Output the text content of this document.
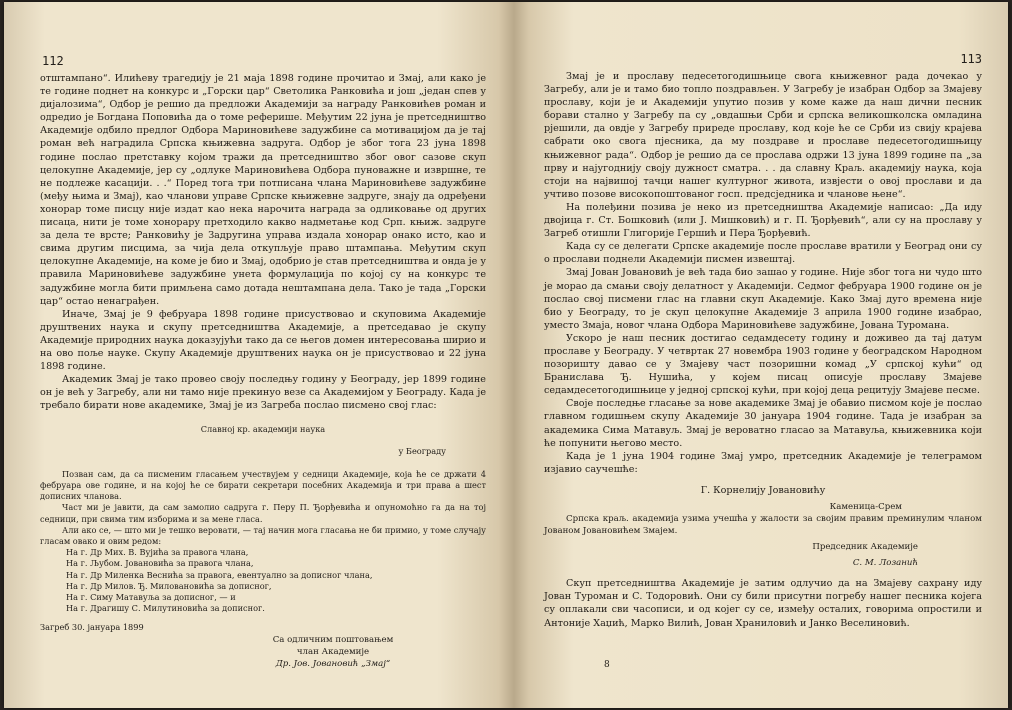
112

отштампано“. Илићеву трагедију је 21 маја 1898 године прочитао и Змај, али како је те године поднет на конкурс и „Горски цар“ Светолика Ранковића и још „један спев у дијалозима“, Одбор је решио да предложи Академији за награду Ранковићев роман и одредио је Богдана Поповића да о томе реферише. Међутим 22 јуна је претседништво Академије одбило предлог Одбора Мариновићеве задужбине са мотивацијом да је тај роман већ наградила Српска књижевна задруга. Одбор је због тога 23 јуна 1898 године послао претставку којом тражи да претседништво због овог сазове скуп целокупне Академије, јер су „одлуке Мариновићева Одбора пуноважне и извршне, те не подлеже касацији. . .“ Поред тога три потписана члана Мариновићеве задужбине (међу њима и Змај), као чланови управе Српске књижевне задруге, знају да одређени хонорар томе писцу није издат као нека нарочита награда за одликовање од других писаца, нити је томе хонорару претходило какво надметање код Срп. књиж. задруге за дела те врсте; Ранковићу је Задругина управа издала хонорар онако исто, као и свима другим писцима, за чија дела откупљује право штампања. Међутим скуп целокупне Академије, на коме је био и Змај, одобрио је став претседништва и онда је у правила Мариновићеве задужбине унета формулација по којој су на конкурс те задужбине могла бити примљена само дотада нештампана дела. Тако је тада „Горски цар“ остао ненаграђен.

Иначе, Змај је 9 фебруара 1898 године присуствовао и скуповима Академије друштвених наука и скупу претседништва Академије, а претседавао је скупу Академије природних наука доказујући тако да се његов домен интересовања ширио и на ово поље науке. Скупу Академије друштвених наука он је присуствовао и 22 јуна 1898 године.

Академик Змај је тако провео своју последњу годину у Београду, јер 1899 године он је већ у Загребу, али ни тамо није прекинуо везе са Академијом у Београду. Када је требало бирати нове академике, Змај је из Загреба послао писмено свој глас:

Славној кр. академији наука

у Београду

Позван сам, да са писменим гласањем учествујем у седници Академије, која ће се држати 4 фебруара ове године, и на којој ће се бирати секретари посебних Академија и три права а шест дописних чланова.

Част ми је јавити, да сам замолио садруга г. Перу П. Ђорђевића и опуномоћно га да на тој седници, при свима тим изборима и за мене гласа.

Али ако се, — што ми је тешко веровати, — тај начин мога гласања не би примио, у томе случају гласам овако и овим редом:

На г. Др Мих. В. Вујића за правога члана,
На г. Љубом. Јовановића за правога члана,
На г. Др Миленка Веснића за правога, евентуално за дописног члана,
На г. Др Милов. Ђ. Миловановића за дописног,
На г. Симу Матавуља за дописног, — и
На г. Драгишу С. Милутиновића за дописног.

Загреб 30. јануара 1899

Са одличним поштовањем
члан Академије
Др. Јов. Јовановић „Змај“
113

Змај је и прославу педесетогодишњице свога књижевног рада дочекао у Загребу, али је и тамо био топло поздрављен. У Загребу је изабран Одбор за Змајеву прославу, који је и Академији упутио позив у коме каже да наш дични песник борави стално у Загребу па су „овдашњи Срби и српска великошколска омладина рјешили, да овдје у Загребу приреде прославу, код које ће се Срби из свију крајева сабрати око свога пјесника, да му поздраве и прославе педесетогодишњицу књижевног рада“. Одбор је решио да се прослава одржи 13 јуна 1899 године па „за прву и најугоднију своју дужност сматра. . . да славну Краљ. академију наука, која стоји на највишој тачци нашег културног живота, извјести о овој прослави и да учтиво позове високопоштованог госп. предсједника и чланове њене“.

На полеђини позива је неко из претседништва Академије написао: „Да иду двојица г. Ст. Бошковић (или Ј. Мишковић) и г. П. Ђорђевић“, али су на прославу у Загреб отишли Глигорије Гершић и Пера Ђорђевић.

Када су се делегати Српске академије после прославе вратили у Београд они су о прослави поднели Академији писмен извештај.

Змај Јован Јовановић је већ тада био зашао у године. Није због тога ни чудо што је морао да смањи своју делатност у Академији. Седмог фебруара 1900 године он је послао свој писмени глас на главни скуп Академије. Како Змај дуго времена није био у Београду, то је скуп целокупне Академије 3 априла 1900 године изабрао, уместо Змаја, новог члана Одбора Мариновићеве задужбине, Јована Туромана.

Ускоро је наш песник достигао седамдесету годину и доживео да тај датум прославе у Београду. У четвртак 27 новембра 1903 године у београдском Народном позоришту давао се у Змајеву част позоришни комад „У српској кући“ од Бранислава Ђ. Нушића, у којем писац описује прославу Змајеве седамдесетогодишњице у једној српској кући, при којој деца рецитују Змајеве песме.

Своје последње гласање за нове академике Змај је обавио писмом које је послао главном годишњем скупу Академије 30 јануара 1904 године. Тада је изабран за академика Сима Матавуљ. Змај је вероватно гласао за Матавуља, књижевника који ће попунити његово место.

Када је 1 јуна 1904 године Змај умро, претседник Академије је телеграмом изјавио саучешће:

Г. Корнелију Јовановићу

Каменица-Срем

Српска краљ. академија узима учешћа у жалости за својим правим преминулим чланом Јованом Јовановићем Змајем.

Председник Академије
С. М. Лозанић

Скуп претседништва Академије је затим одлучио да на Змајеву сахрану иду Јован Туроман и С. Тодоровић. Они су били присутни погребу нашег песника којега су оплакали сви часописи, и од којег су се, између осталих, говорима опростили и Антоније Хаџић, Марко Вилић, Јован Храниловић и Јанко Веселиновић.

8
